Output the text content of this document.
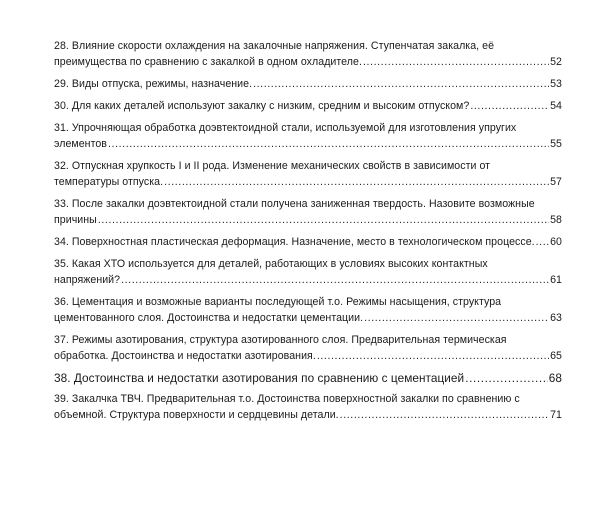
28. Влияние скорости охлаждения на закалочные напряжения. Ступенчатая закалка, её
преимущества по сравнению с закалкой в одном охладителе. .....	52
29. Виды отпуска, режимы, назначение. .....	53
30. Для каких деталей используют закалку с низким, средним и высоким отпуском? .....	54
31. Упрочняющая обработка доэвтектоидной стали, используемой для изготовления упругих
элементов .....	55
32. Отпускная хрупкость I и II рода. Изменение механических свойств в зависимости от
температуры отпуска. .....	57
33. После закалки доэвтектоидной стали получена заниженная твердость. Назовите возможные
причины .....	58
34. Поверхностная пластическая деформация. Назначение, место в технологическом процессе. ..... 60
35. Какая ХТО используется для деталей, работающих в условиях высоких контактных
напряжений? .....	61
36. Цементация и возможные варианты последующей т.о. Режимы насыщения, структура
цементованного слоя. Достоинства и недостатки цементации. .....	63
37. Режимы азотирования, структура азотированного слоя. Предварительная термическая
обработка. Достоинства и недостатки азотирования. .....	65
38. Достоинства и недостатки азотирования по сравнению с цементацией .....	68
39. Закалчка ТВЧ. Предварительная т.о. Достоинства поверхностной закалки по сравнению с
объемной. Структура поверхности и сердцевины детали. .....	71
